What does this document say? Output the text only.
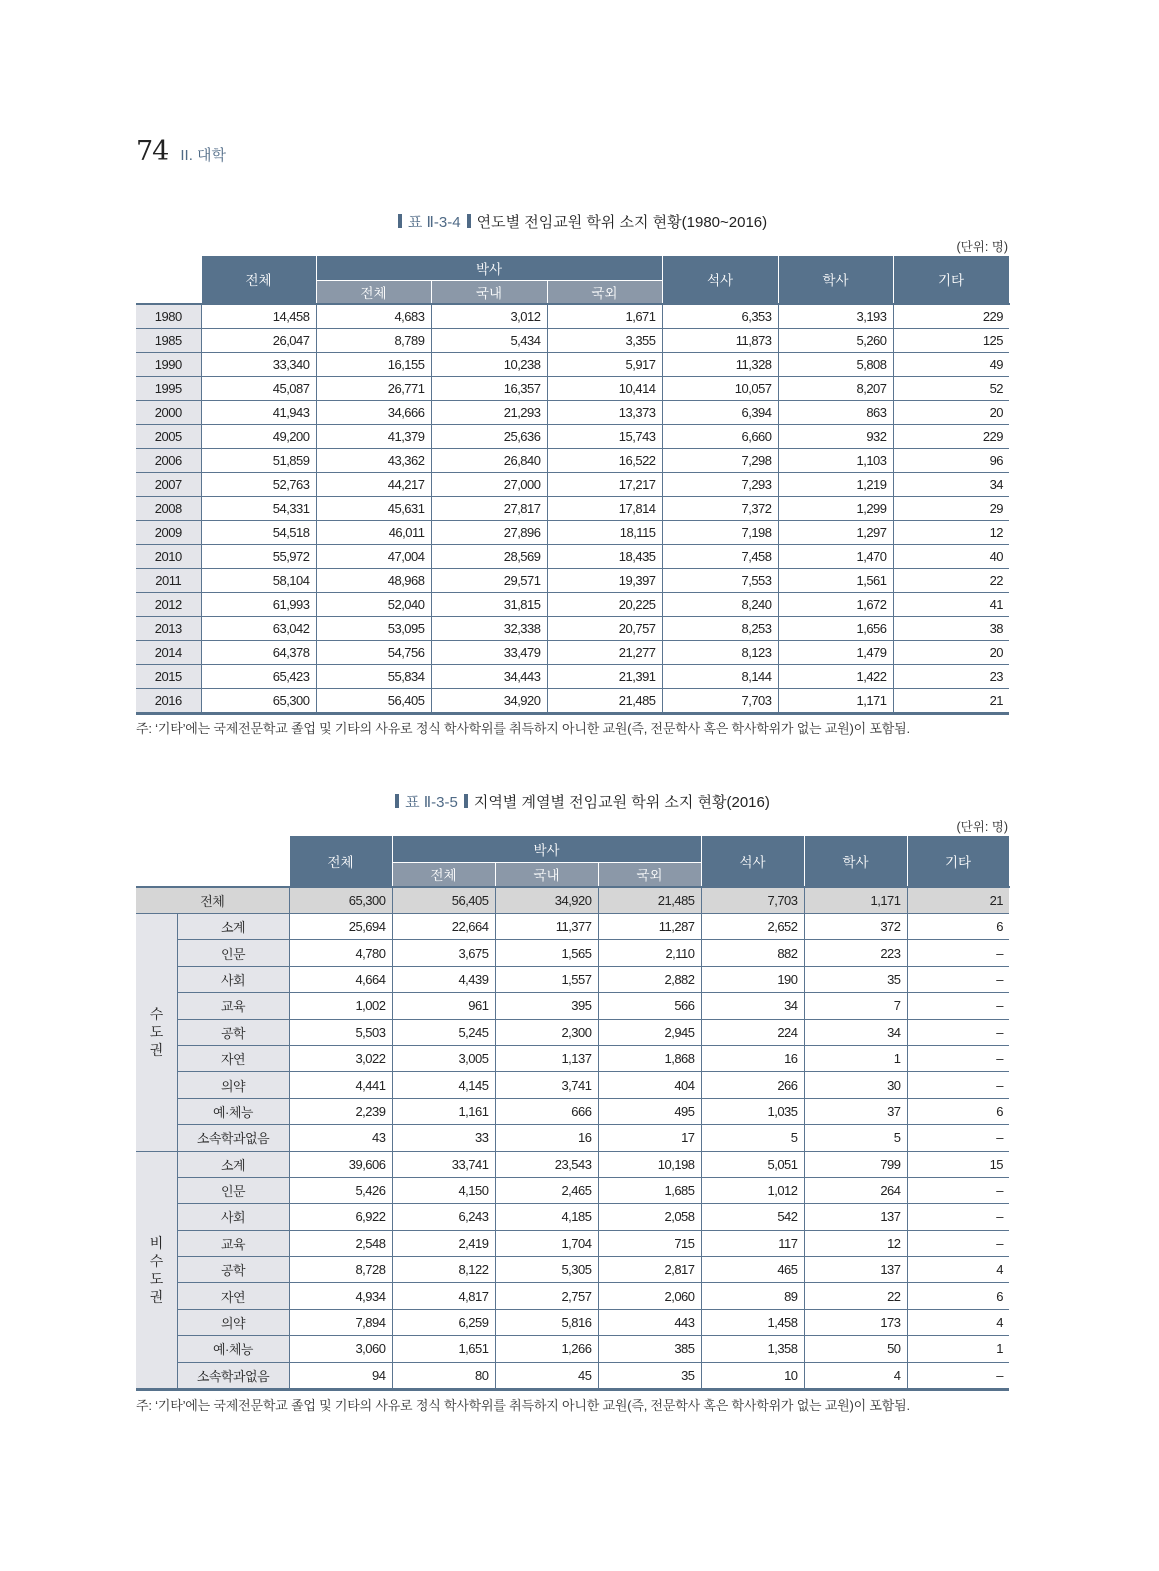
74 II. 대학
표 Ⅱ-3-4 연도별 전임교원 학위 소지 현황(1980~2016)
(단위: 명)
	전체	박사			석사	학사	기타
		전체	국내	국외			
1980	14,458	4,683	3,012	1,671	6,353	3,193	229
1985	26,047	8,789	5,434	3,355	11,873	5,260	125
1990	33,340	16,155	10,238	5,917	11,328	5,808	49
1995	45,087	26,771	16,357	10,414	10,057	8,207	52
2000	41,943	34,666	21,293	13,373	6,394	863	20
2005	49,200	41,379	25,636	15,743	6,660	932	229
2006	51,859	43,362	26,840	16,522	7,298	1,103	96
2007	52,763	44,217	27,000	17,217	7,293	1,219	34
2008	54,331	45,631	27,817	17,814	7,372	1,299	29
2009	54,518	46,011	27,896	18,115	7,198	1,297	12
2010	55,972	47,004	28,569	18,435	7,458	1,470	40
2011	58,104	48,968	29,571	19,397	7,553	1,561	22
2012	61,993	52,040	31,815	20,225	8,240	1,672	41
2013	63,042	53,095	32,338	20,757	8,253	1,656	38
2014	64,378	54,756	33,479	21,277	8,123	1,479	20
2015	65,423	55,834	34,443	21,391	8,144	1,422	23
2016	65,300	56,405	34,920	21,485	7,703	1,171	21
주: ‘기타’에는 국제전문학교 졸업 및 기타의 사유로 정식 학사학위를 취득하지 아니한 교원(즉, 전문학사 혹은 학사학위가 없는 교원)이 포함됨.
표 Ⅱ-3-5 지역별 계열별 전임교원 학위 소지 현황(2016)
(단위: 명)
		전체	박사			석사	학사	기타
			전체	국내	국외			
전체		65,300	56,405	34,920	21,485	7,703	1,171	21

수
도
권	소계	25,694	22,664	11,377	11,287	2,652	372	6
	인문	4,780	3,675	1,565	2,110	882	223	–
	사회	4,664	4,439	1,557	2,882	190	35	–
	교육	1,002	961	395	566	34	7	–
	공학	5,503	5,245	2,300	2,945	224	34	–
	자연	3,022	3,005	1,137	1,868	16	1	–
	의약	4,441	4,145	3,741	404	266	30	–
	예·체능	2,239	1,161	666	495	1,035	37	6
	소속학과없음	43	33	16	17	5	5	–

비
수
도
권	소계	39,606	33,741	23,543	10,198	5,051	799	15
	인문	5,426	4,150	2,465	1,685	1,012	264	–
	사회	6,922	6,243	4,185	2,058	542	137	–
	교육	2,548	2,419	1,704	715	117	12	–
	공학	8,728	8,122	5,305	2,817	465	137	4
	자연	4,934	4,817	2,757	2,060	89	22	6
	의약	7,894	6,259	5,816	443	1,458	173	4
	예·체능	3,060	1,651	1,266	385	1,358	50	1
	소속학과없음	94	80	45	35	10	4	–
주: ‘기타’에는 국제전문학교 졸업 및 기타의 사유로 정식 학사학위를 취득하지 아니한 교원(즉, 전문학사 혹은 학사학위가 없는 교원)이 포함됨.
